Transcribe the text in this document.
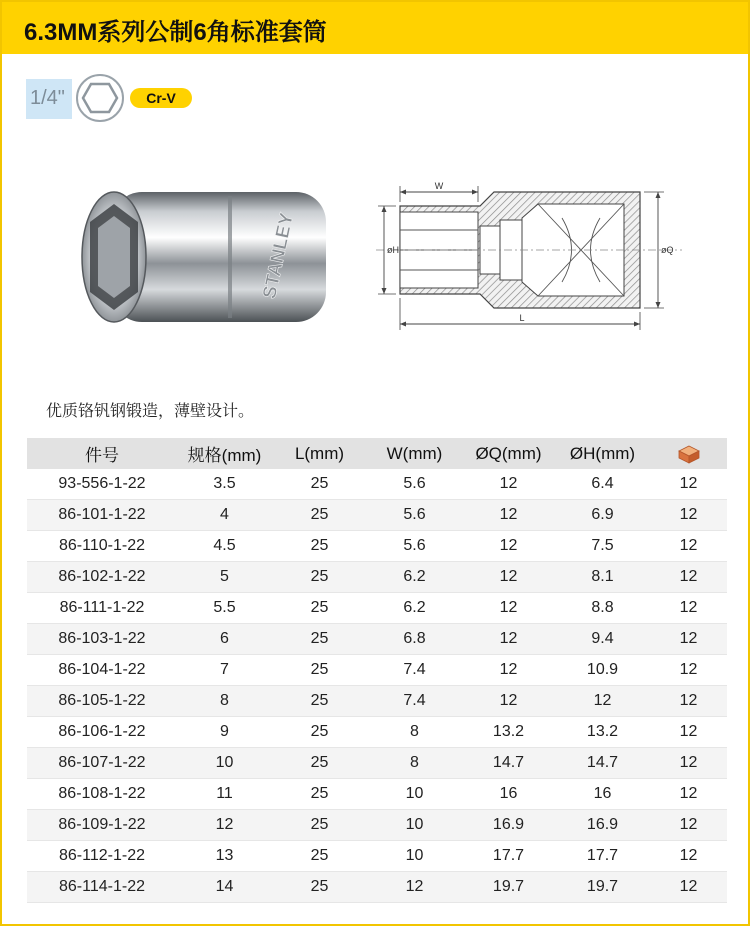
6.3MM系列公制6角标准套筒
1/4"	Cr-V
STANLEY
W
øH	øQ
L
优质铬钒钢锻造，薄壁设计。
件号	规格(mm)	L(mm)	W(mm)	ØQ(mm)	ØH(mm)	
93-556-1-22	3.5	25	5.6	12	6.4	12
86-101-1-22	4	25	5.6	12	6.9	12
86-110-1-22	4.5	25	5.6	12	7.5	12
86-102-1-22	5	25	6.2	12	8.1	12
86-111-1-22	5.5	25	6.2	12	8.8	12
86-103-1-22	6	25	6.8	12	9.4	12
86-104-1-22	7	25	7.4	12	10.9	12
86-105-1-22	8	25	7.4	12	12	12
86-106-1-22	9	25	8	13.2	13.2	12
86-107-1-22	10	25	8	14.7	14.7	12
86-108-1-22	11	25	10	16	16	12
86-109-1-22	12	25	10	16.9	16.9	12
86-112-1-22	13	25	10	17.7	17.7	12
86-114-1-22	14	25	12	19.7	19.7	12
